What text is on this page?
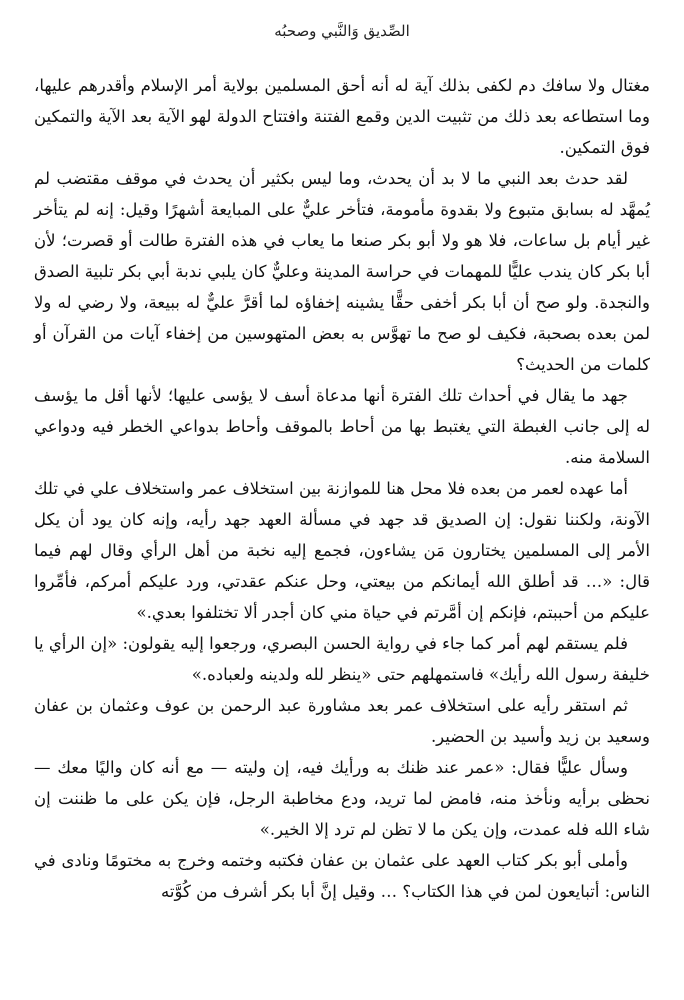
الصِّديق وَالنَّبي وصحبُه

مغتال ولا سافك دم لكفى بذلك آية له أنه أحق المسلمين بولاية أمر الإسلام وأقدرهم عليها، وما استطاعه بعد ذلك من تثبيت الدين وقمع الفتنة وافتتاح الدولة لهو الآية بعد الآية والتمكين فوق التمكين.

لقد حدث بعد النبي ما لا بد أن يحدث، وما ليس بكثير أن يحدث في موقف مقتضب لم يُمهَّد له بسابق متبوع ولا بقدوة مأمومة، فتأخر عليٌّ على المبايعة أشهرًا وقيل: إنه لم يتأخر غير أيام بل ساعات، فلا هو ولا أبو بكر صنعا ما يعاب في هذه الفترة طالت أو قصرت؛ لأن أبا بكر كان يندب عليًّا للمهمات في حراسة المدينة وعليٌّ كان يلبي ندبة أبي بكر تلبية الصدق والنجدة. ولو صح أن أبا بكر أخفى حقًّا يشينه إخفاؤه لما أقرَّ عليٌّ له ببيعة، ولا رضي له ولا لمن بعده بصحبة، فكيف لو صح ما تهوَّس به بعض المتهوسين من إخفاء آيات من القرآن أو كلمات من الحديث؟

جهد ما يقال في أحداث تلك الفترة أنها مدعاة أسف لا يؤسى عليها؛ لأنها أقل ما يؤسف له إلى جانب الغبطة التي يغتبط بها من أحاط بالموقف وأحاط بدواعي الخطر فيه ودواعي السلامة منه.

أما عهده لعمر من بعده فلا محل هنا للموازنة بين استخلاف عمر واستخلاف علي في تلك الآونة، ولكننا نقول: إن الصديق قد جهد في مسألة العهد جهد رأيه، وإنه كان يود أن يكل الأمر إلى المسلمين يختارون مَن يشاءون، فجمع إليه نخبة من أهل الرأي وقال لهم فيما قال: «… قد أطلق الله أيمانكم من بيعتي، وحل عنكم عقدتي، ورد عليكم أمركم، فأمِّروا عليكم من أحببتم، فإنكم إن أمَّرتم في حياة مني كان أجدر ألا تختلفوا بعدي.»

فلم يستقم لهم أمر كما جاء في رواية الحسن البصري، ورجعوا إليه يقولون: «إن الرأي يا خليفة رسول الله رأيك» فاستمهلهم حتى «ينظر لله ولدينه ولعباده.»

ثم استقر رأيه على استخلاف عمر بعد مشاورة عبد الرحمن بن عوف وعثمان بن عفان وسعيد بن زيد وأسيد بن الحضير.

وسأل عليًّا فقال: «عمر عند ظنك به ورأيك فيه، إن وليته — مع أنه كان واليًا معك — نحظى برأيه ونأخذ منه، فامض لما تريد، ودع مخاطبة الرجل، فإن يكن على ما ظننت إن شاء الله فله عمدت، وإن يكن ما لا تظن لم ترد إلا الخير.»

وأملى أبو بكر كتاب العهد على عثمان بن عفان فكتبه وختمه وخرج به مختومًا ونادى في الناس: أتبايعون لمن في هذا الكتاب؟ … وقيل إنَّ أبا بكر أشرف من كُوَّته
